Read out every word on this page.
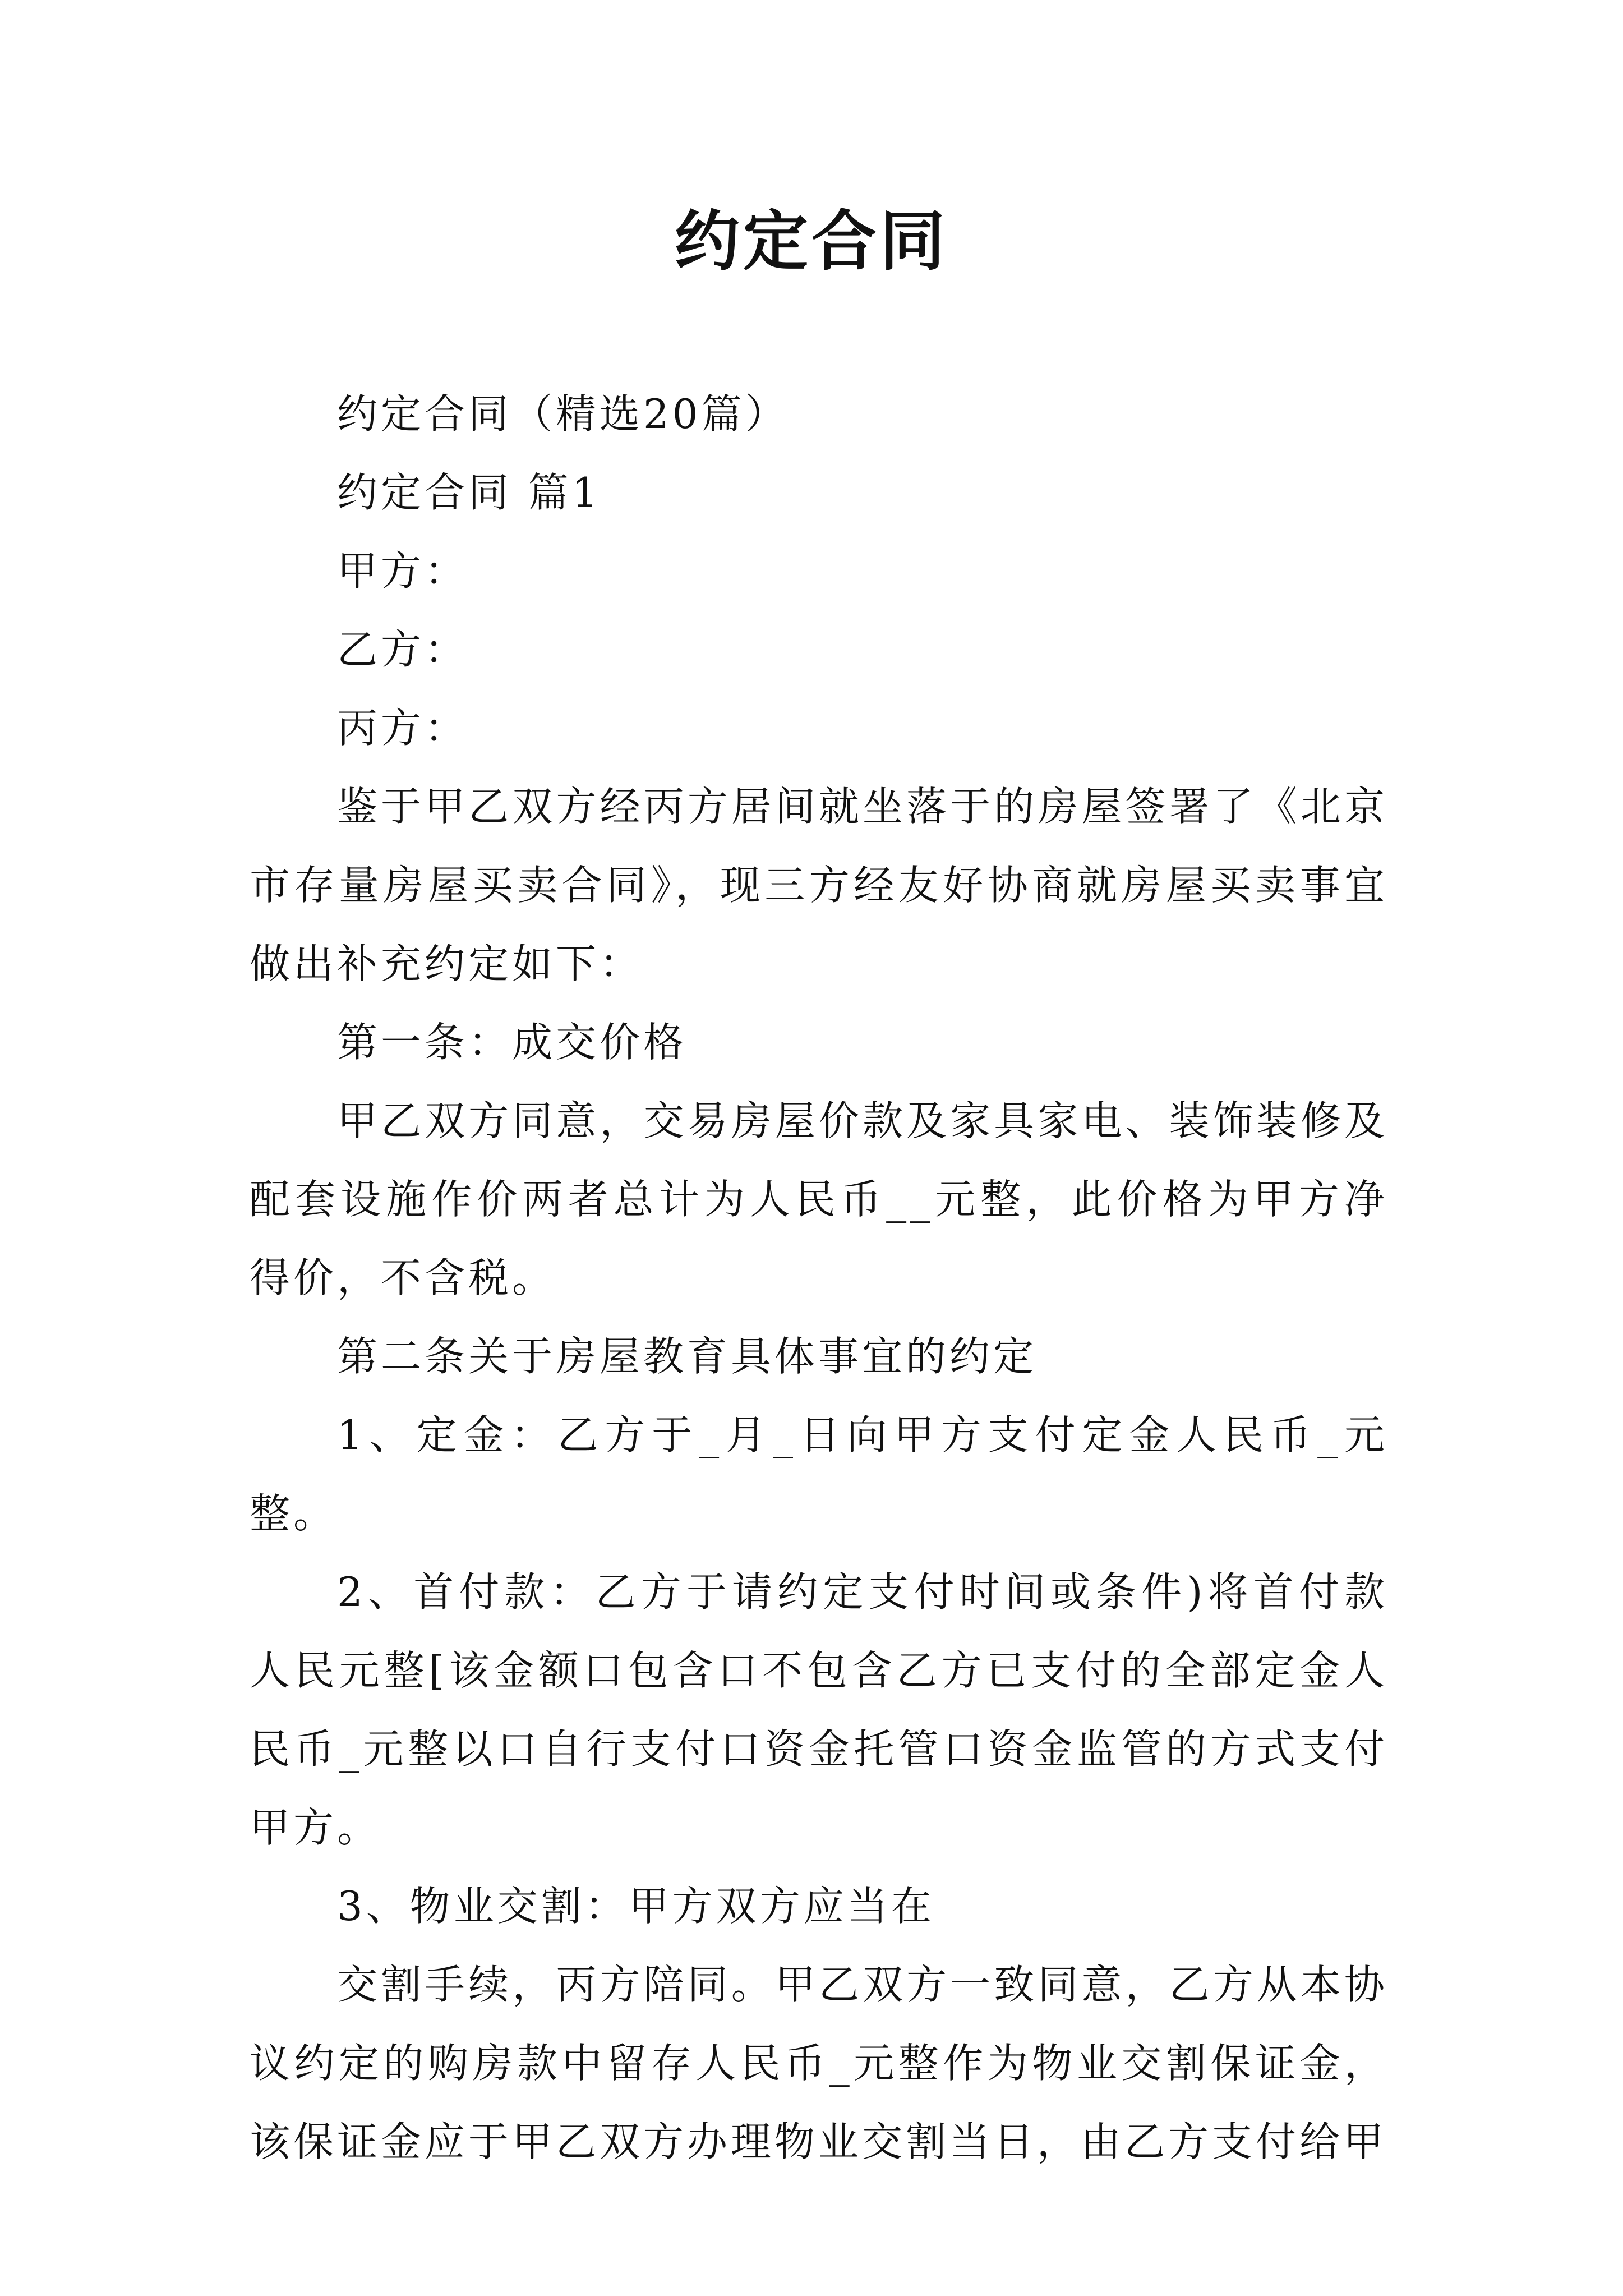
约定合同

约定合同（精选20篇）

约定合同 篇1

甲方：

乙方：

丙方：

鉴于甲乙双方经丙方居间就坐落于的房屋签署了《北京市存量房屋买卖合同》，现三方经友好协商就房屋买卖事宜做出补充约定如下：

第一条：成交价格

甲乙双方同意，交易房屋价款及家具家电、装饰装修及配套设施作价两者总计为人民币__元整，此价格为甲方净得价，不含税。

第二条关于房屋教育具体事宜的约定

1、定金：乙方于_月_日向甲方支付定金人民币_元整。

2、首付款：乙方于请约定支付时间或条件)将首付款人民元整[该金额口包含口不包含乙方已支付的全部定金人民币_元整以口自行支付口资金托管口资金监管的方式支付甲方。

3、物业交割：甲方双方应当在

交割手续，丙方陪同。甲乙双方一致同意，乙方从本协议约定的购房款中留存人民币_元整作为物业交割保证金，该保证金应于甲乙双方办理物业交割当日，由乙方支付给甲
